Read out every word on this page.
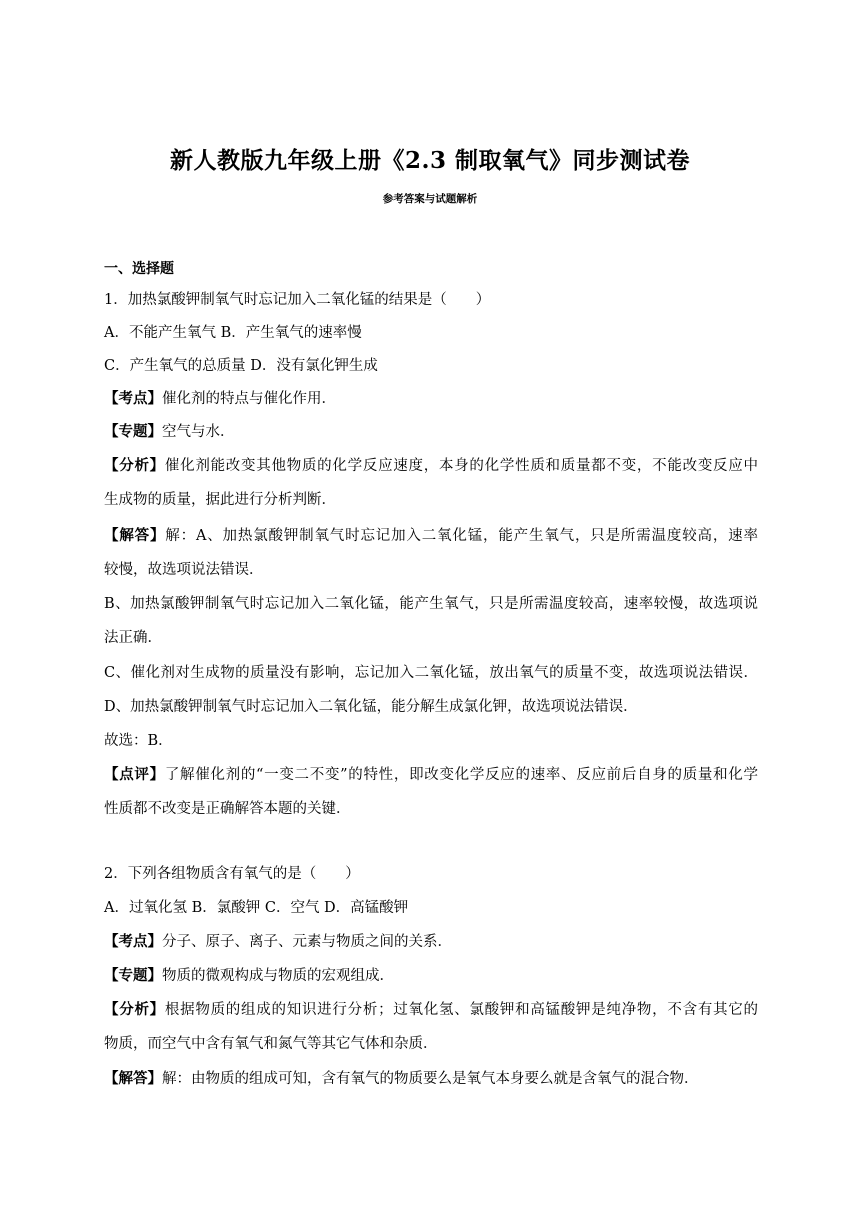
新人教版九年级上册《2.3 制取氧气》同步测试卷
参考答案与试题解析
一、选择题
1．加热氯酸钾制氧气时忘记加入二氧化锰的结果是（　　）
A．不能产生氧气 B．产生氧气的速率慢
C．产生氧气的总质量 D．没有氯化钾生成
【考点】催化剂的特点与催化作用．
【专题】空气与水．
【分析】催化剂能改变其他物质的化学反应速度，本身的化学性质和质量都不变，不能改变反应中
生成物的质量，据此进行分析判断．
【解答】解：A、加热氯酸钾制氧气时忘记加入二氧化锰，能产生氧气，只是所需温度较高，速率
较慢，故选项说法错误．
B、加热氯酸钾制氧气时忘记加入二氧化锰，能产生氧气，只是所需温度较高，速率较慢，故选项说
法正确．
C、催化剂对生成物的质量没有影响，忘记加入二氧化锰，放出氧气的质量不变，故选项说法错误．
D、加热氯酸钾制氧气时忘记加入二氧化锰，能分解生成氯化钾，故选项说法错误．
故选：B．
【点评】了解催化剂的“一变二不变”的特性，即改变化学反应的速率、反应前后自身的质量和化学
性质都不改变是正确解答本题的关键．
2．下列各组物质含有氧气的是（　　）
A．过氧化氢 B．氯酸钾 C．空气 D．高锰酸钾
【考点】分子、原子、离子、元素与物质之间的关系．
【专题】物质的微观构成与物质的宏观组成．
【分析】根据物质的组成的知识进行分析；过氧化氢、氯酸钾和高锰酸钾是纯净物，不含有其它的
物质，而空气中含有氧气和氮气等其它气体和杂质．
【解答】解：由物质的组成可知，含有氧气的物质要么是氧气本身要么就是含氧气的混合物．
